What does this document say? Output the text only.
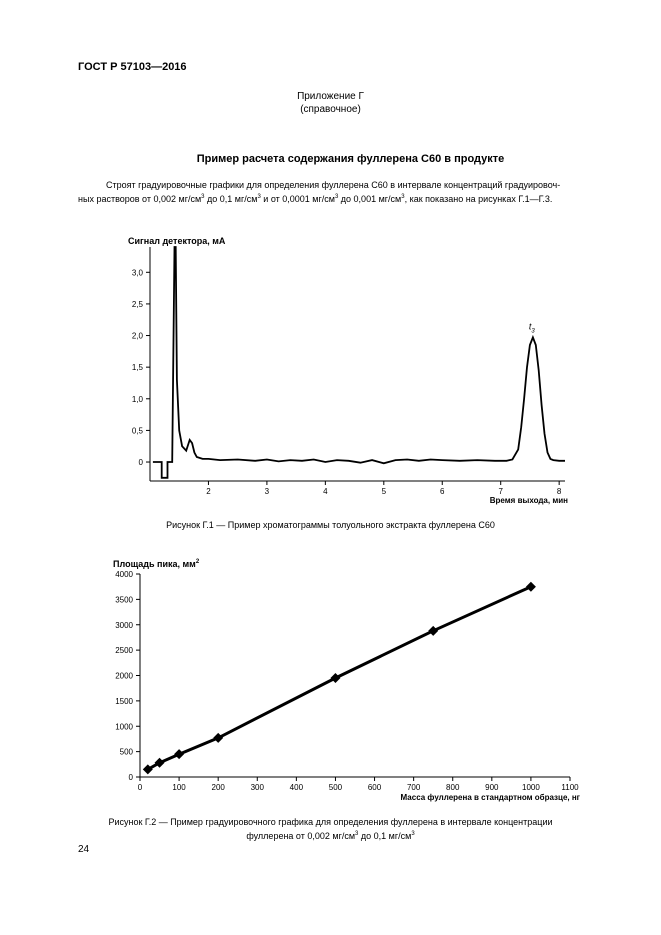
ГОСТ Р 57103—2016
Приложение Г
(справочное)
Пример расчета содержания фуллерена С60 в продукте
Строят градуировочные графики для определения фуллерена С60 в интервале концентраций градуировоч-
ных растворов от 0,002 $мг/см^3$ до 0,1 $мг/см^3$ и от 0,0001 $мг/см^3$ до 0,001 $мг/см^3$, как показано на рисунках Г.1—Г.3.
Сигнал детектора, мА
2	3	4	5	6	7	8
0
0,5
1,0
1,5
2,0
2,5
3,0
Время выхода, мин
$t_3$
Рисунок Г.1 — Пример хроматограммы толуольного экстракта фуллерена С60
Площадь пика, $мм^2$
0	100	200	300	400	500	600	700	800	900	1000	1100
0
500
1000
1500
2000
2500
3000
3500
4000
Масса фуллерена в стандартном образце, нг
Рисунок Г.2 — Пример градуировочного графика для определения фуллерена в интервале концентрации
фуллерена от 0,002 $мг/см^3$ до 0,1 $мг/см^3$
24
